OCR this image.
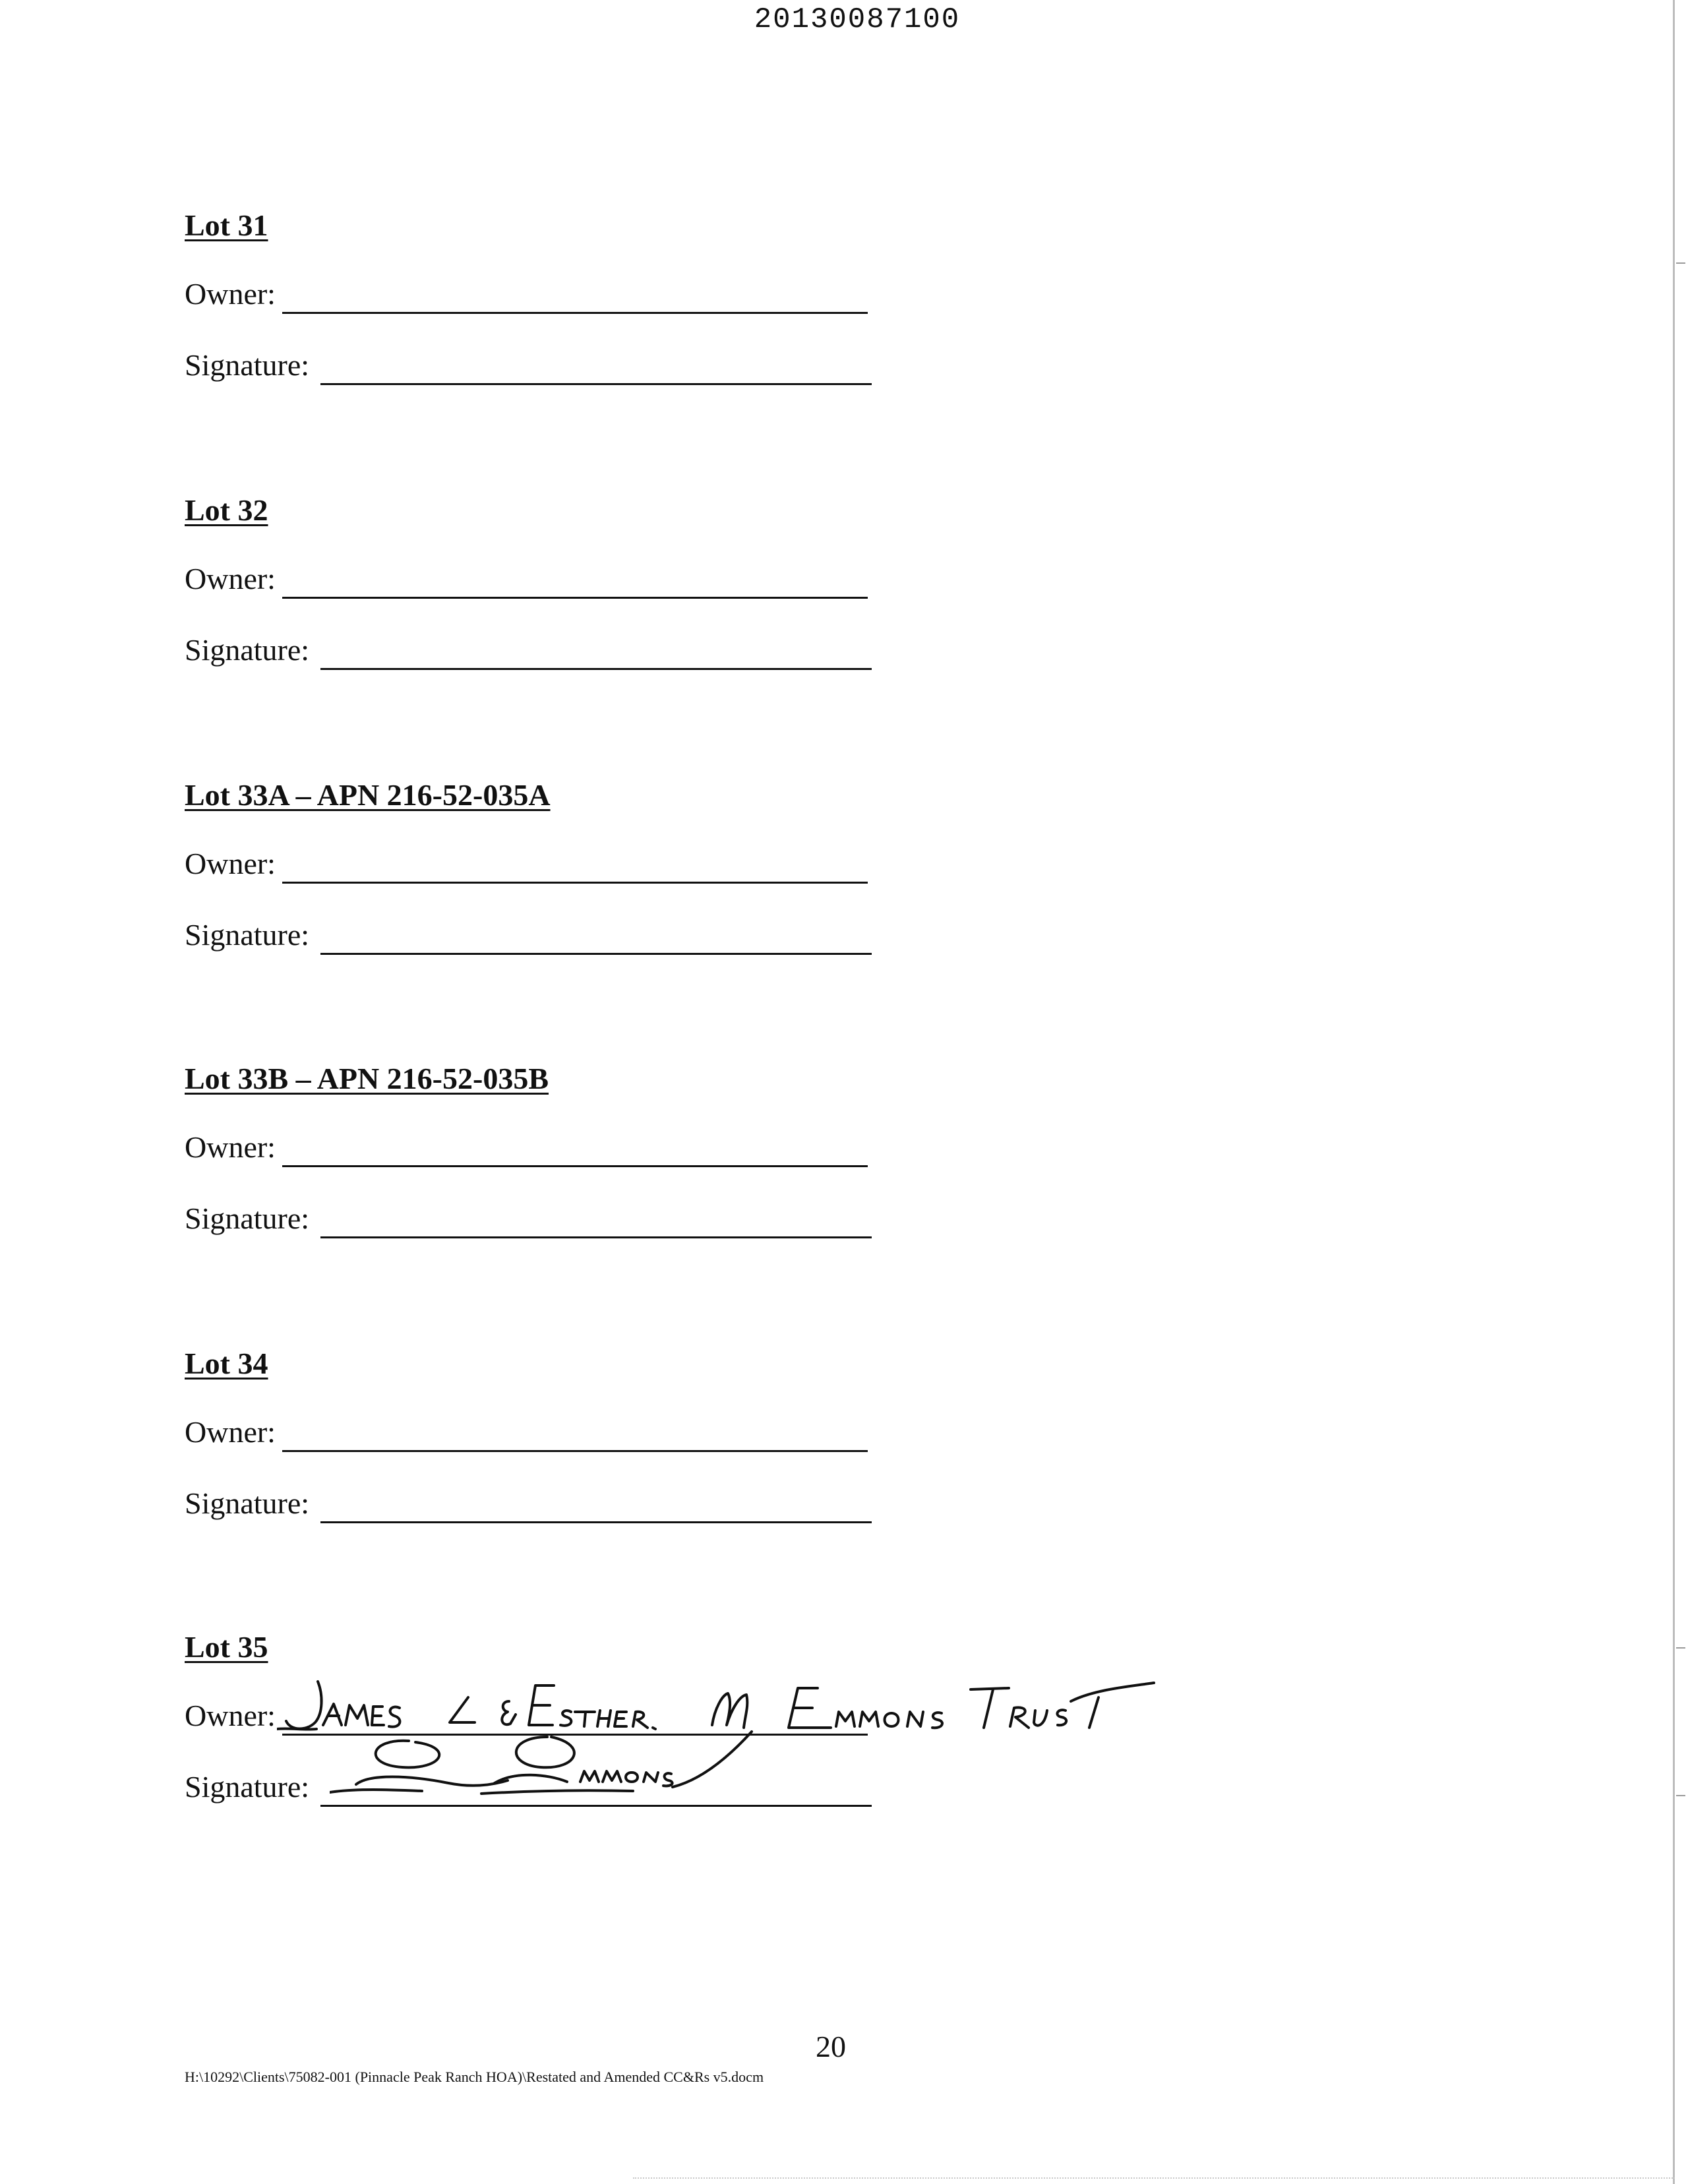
20130087100
Lot 31
Owner:
Signature:
Lot 32
Owner:
Signature:
Lot 33A – APN 216-52-035A
Owner:
Signature:
Lot 33B – APN 216-52-035B
Owner:
Signature:
Lot 34
Owner:
Signature:
Lot 35
Owner:
Signature:
20
H:\10292\Clients\75082-001 (Pinnacle Peak Ranch HOA)\Restated and Amended CC&Rs v5.docm
